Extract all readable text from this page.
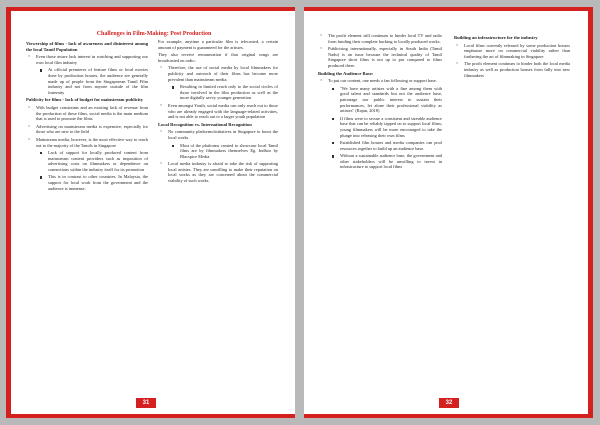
Challenges in Film-Making: Post Production
Viewership of films - lack of awareness and disinterest among the local Tamil Population
○ Even those aware lack interest in watching and supporting our own local film industry
At official premieres of feature films or local movies done by production houses, the audience are generally made up of people from the Singaporean Tamil Film industry and not from anyone outside of the film fraternity
Publicity for films - lack of budget for mainstream publicity
○ With budget constraints and an existing lack of revenue from the production of these films, social media is the main medium that is used to promote the films
○ Advertising on mainstream media is expensive, especially for those who are new to the field
○ Mainstream media, however, is the most effective way to reach out to the majority of the Tamils in Singapore
Lack of support for locally produced content from mainstream content providers such as imposition of advertising costs on filmmakers or dependence on connections within the industry itself for its promotion
This is in contrast to other countries. In Malaysia, the support for local work from the government and the audience is immense.

For example, anytime a particular film is telecasted, a certain amount of payment is guaranteed for the artistes.

They also receive remuneration if that original songs are broadcasted on radio.

○ Therefore, the use of social media by local filmmakers for publicity and outreach of their films has become more prevalent than mainstream media.
Resulting in limited reach only to the social circles of those involved in the film production as well as the more digitally savvy younger generation
○ Even amongst Youth, social media can only reach out to those who are already engaged with the language-related activities, and is not able to reach out to a larger youth population
Local Recognition vs. International Recognition
○ No community platforms/initiatives in Singapore to boost the local works
Most of the platforms created to showcase local Tamil films are by filmmakers themselves Eg. Indhoo by Blacspice Media
○ Local media industry is afraid to take the risk of supporting local artistes. They are unwilling to make their reputation on local works as they are concerned about the commercial viability of such works.
31
○ The profit element still continues to hinder local TV and radio from funding their complete backing to locally produced works.
○ Publicising internationally, especially in South India (Tamil Nadu) is an issue because the technical quality of Tamil Singapore short films is not up to par compared to films produced there.
Building the Audience Base:
○ To put our content, one needs a fan following or support base.
"We have many artistes with a fine among them with good talent and standards but not the audience base, patronage nor public interest to sustain their performances, let alone their professional viability as artistes" (Rajan, 2018)
If films were to secure a consistent and sizeable audience base that can be reliably tapped on to support local films; young filmmakers will be more encouraged to take the plunge into releasing their own films
Established film houses and media companies can pool resources together to build up an audience base.
Without a sustainable audience base, the government and other stakeholders will be unwilling to invest in infrastructure to support local films
Building an infrastructure for the industry
○ Local films currently released by some production houses emphasise more on commercial viability rather than furthering the art of filmmaking in Singapore
○ The profit element continues to hinder both the local media industry as well as production houses from fully into new filmmakers
32
